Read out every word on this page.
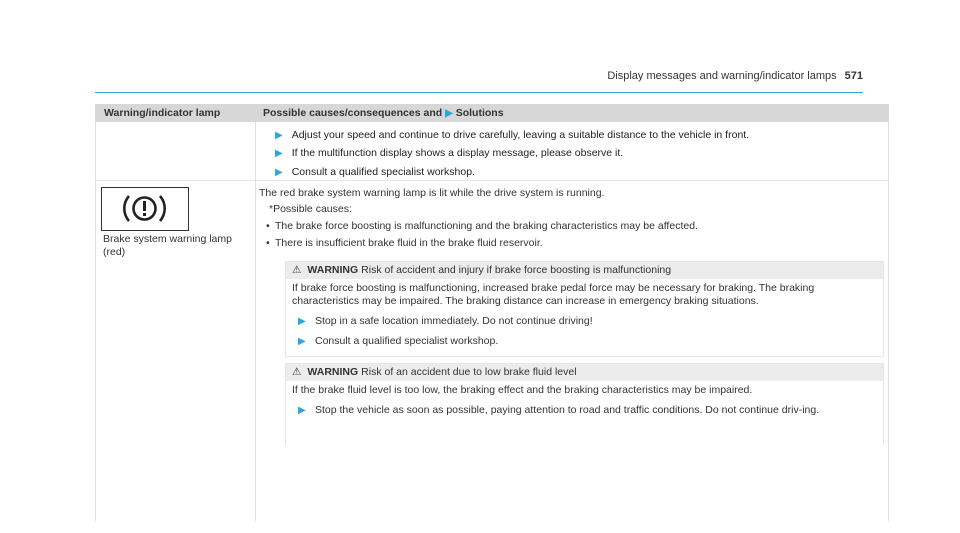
Display messages and warning/indicator lamps 571
Warning/indicator lamp	Possible causes/consequences and ▶ Solutions
▶ Adjust your speed and continue to drive carefully, leaving a suitable distance to the vehicle in front.
▶ If the multifunction display shows a display message, please observe it.
▶ Consult a qualified specialist workshop.
Brake system warning lamp (red)
The red brake system warning lamp is lit while the drive system is running.
*Possible causes:
• The brake force boosting is malfunctioning and the braking characteristics may be affected.
• There is insufficient brake fluid in the brake fluid reservoir.
⚠ WARNING Risk of accident and injury if brake force boosting is malfunctioning
If brake force boosting is malfunctioning, increased brake pedal force may be necessary for braking. The braking characteristics may be impaired. The braking distance can increase in emergency braking situations.
▶ Stop in a safe location immediately. Do not continue driving!
▶ Consult a qualified specialist workshop.
⚠ WARNING Risk of an accident due to low brake fluid level
If the brake fluid level is too low, the braking effect and the braking characteristics may be impaired.
▶ Stop the vehicle as soon as possible, paying attention to road and traffic conditions. Do not continue driv-ing.
